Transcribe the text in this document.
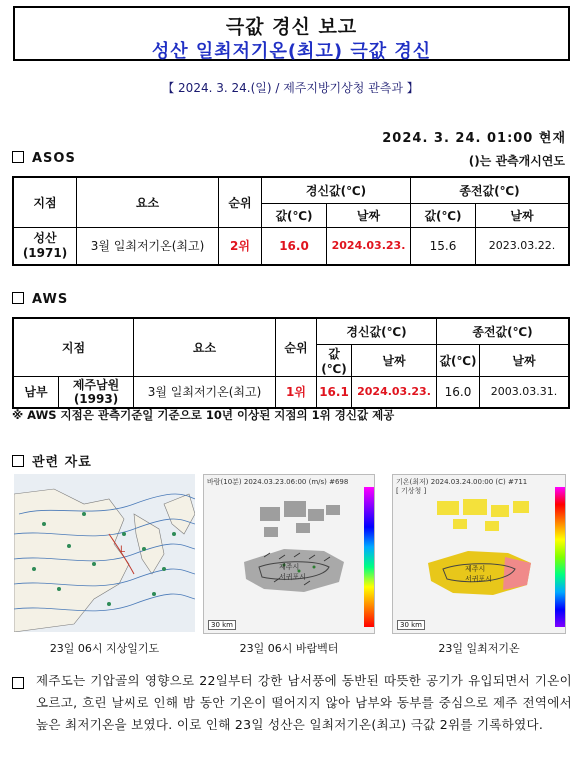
극값 경신 보고
성산 일최저기온(최고) 극값 경신
【 2024. 3. 24.(일) / 제주지방기상청 관측과 】
2024. 3. 24. 01:00 현재
ASOS	()는 관측개시연도
지점	요소	순위	경신값(℃)		종전값(℃)	
			값(℃)	날짜	값(℃)	날짜

성산
(1971)	3월 일최저기온(최고)	2위	16.0	2024.03.23.	15.6	2023.03.22.
AWS
지점		요소	순위	경신값(℃)		종전값(℃)	
				값(℃)	날짜	값(℃)	날짜
남부	제주남원
(1993)	3월 일최저기온(최고)	1위	16.1	2024.03.23.	16.0	2003.03.31.
※ AWS 지점은 관측기준일 기준으로 10년 이상된 지점의 1위 경신값 제공
관련 자료
L
23일 06시 지상일기도
바람(10분) 2024.03.23.06:00 (m/s) #698
제주시
서귀포시
30 km
23일 06시 바람벡터
기온(최저) 2024.03.24.00:00 (C) #711
[ 기상청 ]
제주시
서귀포시
30 km
23일 일최저기온
제주도는 기압골의 영향으로 22일부터 강한 남서풍에 동반된 따뜻한 공기가 유입되면서 기온이 오르고, 흐린 날씨로 인해 밤 동안 기온이 떨어지지 않아 남부와 동부를 중심으로 제주 전역에서 높은 최저기온을 보였다. 이로 인해 23일 성산은 일최저기온(최고) 극값 2위를 기록하였다.
